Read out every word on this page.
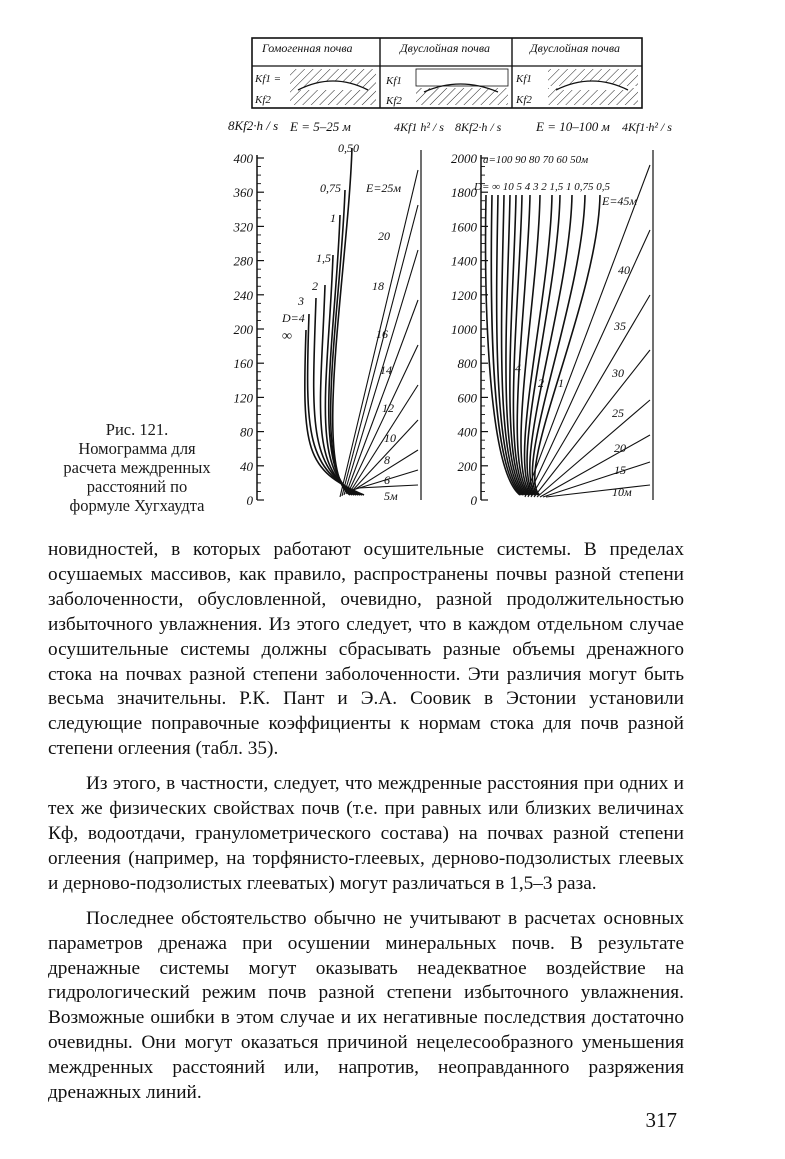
Гомогенная почва	Двуслойная почва	Двуслойная почва
Kf1 =
Kf2
Kf1
Kf2
Kf1
Kf2
8Kf2·h / s E = 5–25 м	4Kf1 h² / s
400
360
320
280
240
200
160
120
80
40
0
0,50
0,75
1
1,5
2
3
D=4
∞
E=25м
20
18
16
14
12
10
8
6
5м
8Kf2·h / s	E = 10–100 м 4Kf1·h² / s
a=100 90 80 70 60 50м
D= ∞ 10 5 4 3 2 1,5 1 0,75 0,5
2000
1800
1600
1400
1200
1000
800
600
400
200
0
E=45м
40
35
30
25
20
15
10м
4
2 1
Рис. 121. Номограмма для расчета междренных расстояний по формуле Хугхаудта

новидностей, в которых работают осушительные системы. В пределах осушаемых массивов, как правило, распространены почвы разной степени заболоченности, обусловленной, очевидно, разной продолжительностью избыточного увлажнения. Из этого следует, что в каждом отдельном случае осушительные системы должны сбрасывать разные объемы дренажного стока на почвах разной степени заболоченности. Эти различия могут быть весьма значительны. Р.К. Пант и Э.А. Соовик в Эстонии установили следующие поправочные коэффициенты к нормам стока для почв разной степени оглеения (табл. 35).

Из этого, в частности, следует, что междренные расстояния при одних и тех же физических свойствах почв (т.е. при равных или близких величинах Кф, водоотдачи, гранулометрического состава) на почвах разной степени оглеения (например, на торфянисто-глеевых, дерново-подзолистых глеевых и дерново-подзолистых глееватых) могут различаться в 1,5–3 раза.

Последнее обстоятельство обычно не учитывают в расчетах основных параметров дренажа при осушении минеральных почв. В результате дренажные системы могут оказывать неадекватное воздействие на гидрологический режим почв разной степени избыточного увлажнения. Возможные ошибки в этом случае и их негативные последствия достаточно очевидны. Они могут оказаться причиной нецелесообразного уменьшения междренных расстояний или, напротив, неоправданного разряжения дренажных линий.

317
